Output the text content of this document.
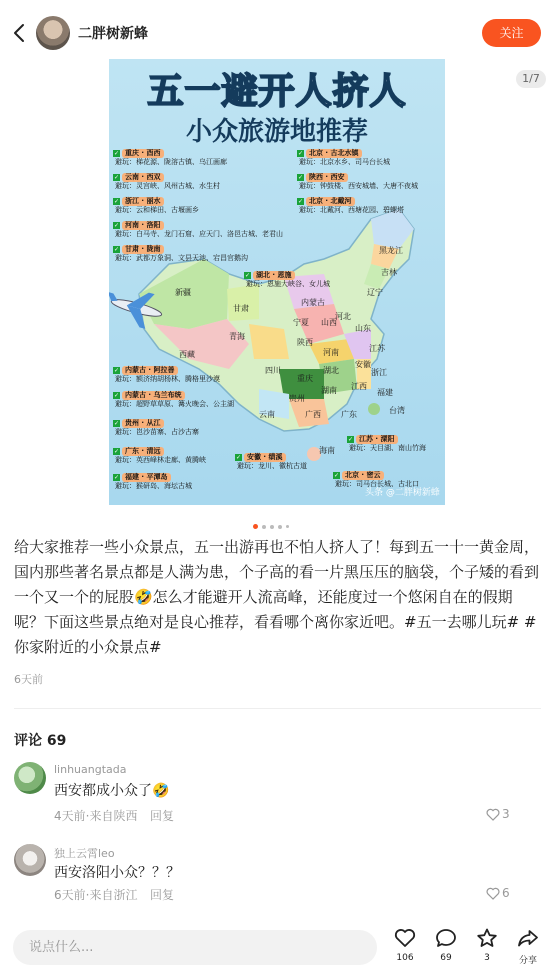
二胖树新蜂	关注
五一避开人挤人
小众旅游地推荐
✓ 重庆 · 酉西
避玩：梯花源、陇溶古镇、乌江画廊
✓ 云南 · 西双
避玩：灵宫峡、风州古城、水生村
✓ 浙江 · 丽水
避玩：云和梯田、古堰画乡
✓ 河南 · 洛阳
避玩：白马寺、龙门石窟、应天门、洛邑古城、老君山
✓ 甘肃 · 陇南
避玩：武都万象洞、文县天池、宕昌官鹅沟
✓ 内蒙古 · 阿拉善
避玩：额济纳胡杨林、腾格里沙漠
✓ 内蒙古 · 乌兰布统
避玩：超野草草原、篝火晚会、公主湖
✓ 贵州 · 从江
避玩：岜沙苗寨、占沙古寨
✓ 广东 · 清远
避玩：英西峰林走廊、黄腾峡
✓ 福建 · 平潭岛
避玩：猴研岛、海坛古城
✓ 北京 · 古北水镇
避玩：北京水乡、司马台长城
✓ 陕西 · 西安
避玩：钟鼓楼、西安城墙、大唐不夜城
✓ 北京 · 北戴河
避玩：北戴河、西塘花园、碧螺塔
✓ 湖北 · 恩施
避玩：恩施大峡谷、女儿城
✓ 江苏 · 溧阳
避玩：天目湖、南山竹海
✓ 安徽 · 绩溪
避玩：龙川、徽杭古道
✓ 北京 · 密云
避玩：司马台长城、古北口
黑龙江
吉林
辽宁
内蒙古
新疆
甘肃
宁夏
青海
西藏
四川
陕西
山西
河北
山东
河南
湖北
安徽
江苏
浙江
重庆
贵州
湖南 江西
福建
云南	广西	广东	台湾
海南
头条 @二胖树新蜂
1/7
给大家推荐一些小众景点，五一出游再也不怕人挤人了！每到五一十一黄金周，国内那些著名景点都是人满为患，个子高的看一片黑压压的脑袋，个子矮的看到一个又一个的屁股🤣怎么才能避开人流高峰，还能度过一个悠闲自在的假期呢？下面这些景点绝对是良心推荐，看看哪个离你家近吧。#五一去哪儿玩# #你家附近的小众景点#
6天前
评论 69
linhuangtada
西安都成小众了🤣
4天前·来自陕西 回复	3
独上云霄leo
西安洛阳小众？？？
6天前·来自浙江 回复	6
说点什么...
106	69	3	分享
